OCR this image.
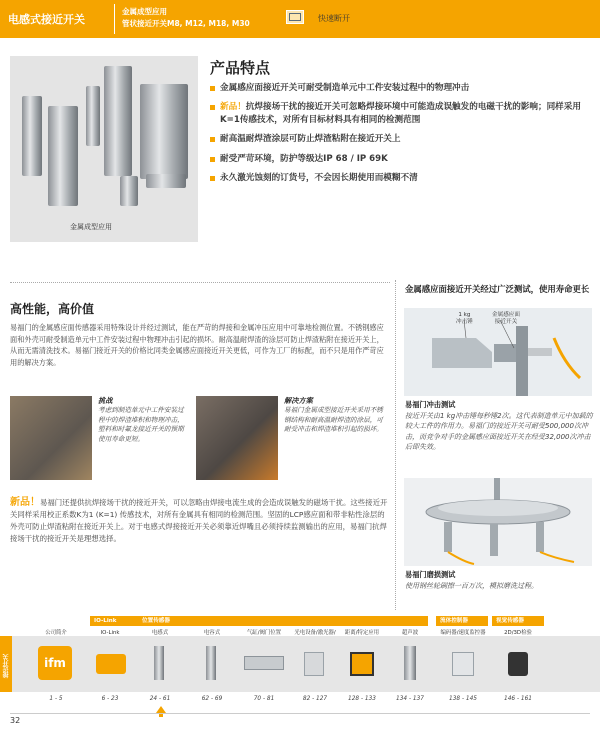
电感式接近开关
金属成型应用
管状接近开关M8, M12, M18, M30
快速断开
金属成型应用
产品特点
金属感应面接近开关可耐受制造单元中工件安装过程中的物理冲击
新品！抗焊接场干扰的接近开关可忽略焊接环境中可能造成误触发的电磁干扰的影响；同样采用K=1传感技术，对所有目标材料具有相同的检测范围
耐高温耐焊渣涂层可防止焊渣粘附在接近开关上
耐受严苛环境，防护等级达IP 68 / IP 69K
永久激光蚀刻的订货号，不会因长期使用而模糊不清
高性能，高价值
易福门的金属感应面传感器采用特殊设计并经过测试，能在严苛的焊接和金属冲压应用中可靠地检测位置。不锈钢感应面和外壳可耐受制造单元中工件安装过程中物理冲击引起的损坏。耐高温耐焊渣的涂层可防止焊渣粘附在接近开关上，从而无需清洗技术。易福门接近开关的价格比同类金属感应面接近开关更低，可作为工厂的标配，而不只是用作严苛应用的解决方案。
挑战
考虑到制造单元中工件安装过程中的焊渣堆积和物理冲击，塑料和时氟龙接近开关的预期使用寿命更短。
解决方案
易福门金属成型接近开关采用不锈钢结构和耐高温耐焊渣的涂层，可耐受冲击和焊渣堆积引起的损坏。
新品！易福门还提供抗焊接场干扰的接近开关，可以忽略由焊接电流生成的会造成误触发的磁场干扰。这些接近开关同样采用校正系数K为1 (K=1) 传感技术，对所有金属具有相同的检测范围。坚固的LCP感应面和带非粘性涂层的外壳可防止焊渣粘附在接近开关上。对于电感式焊接接近开关必须靠近焊嘴且必须持续监测输出的应用，易福门抗焊接场干扰的接近开关是理想选择。
金属感应面接近开关经过广泛测试，使用寿命更长
1 kg
冲击锤
金属感应面
接近开关
易福门冲击测试
接近开关由1 kg冲击锤每秒锤2次。这代表制造单元中加载的较大工件的作用力。易福门的接近开关可耐受500,000次冲击，而竞争对手的金属感应面接近开关在经受32,000次冲击后即失效。
易福门磨损测试
使用钢丝轮刷擦一百万次，模拟磨洗过程。
IO-Link	位置传感器	流体控制器	视觉传感器
公司简介	IO-Link	电感式	电容式	气缸/阀门位置	光电设备/激光器/	距离/特定应用	超声波	编码器/速度监控器	2D/3D检验
接近开关	ifm
1 - 5	6 - 23	24 - 61	62 - 69	70 - 81	82 - 127	128 - 133	134 - 137	138 - 145	146 - 161
32
